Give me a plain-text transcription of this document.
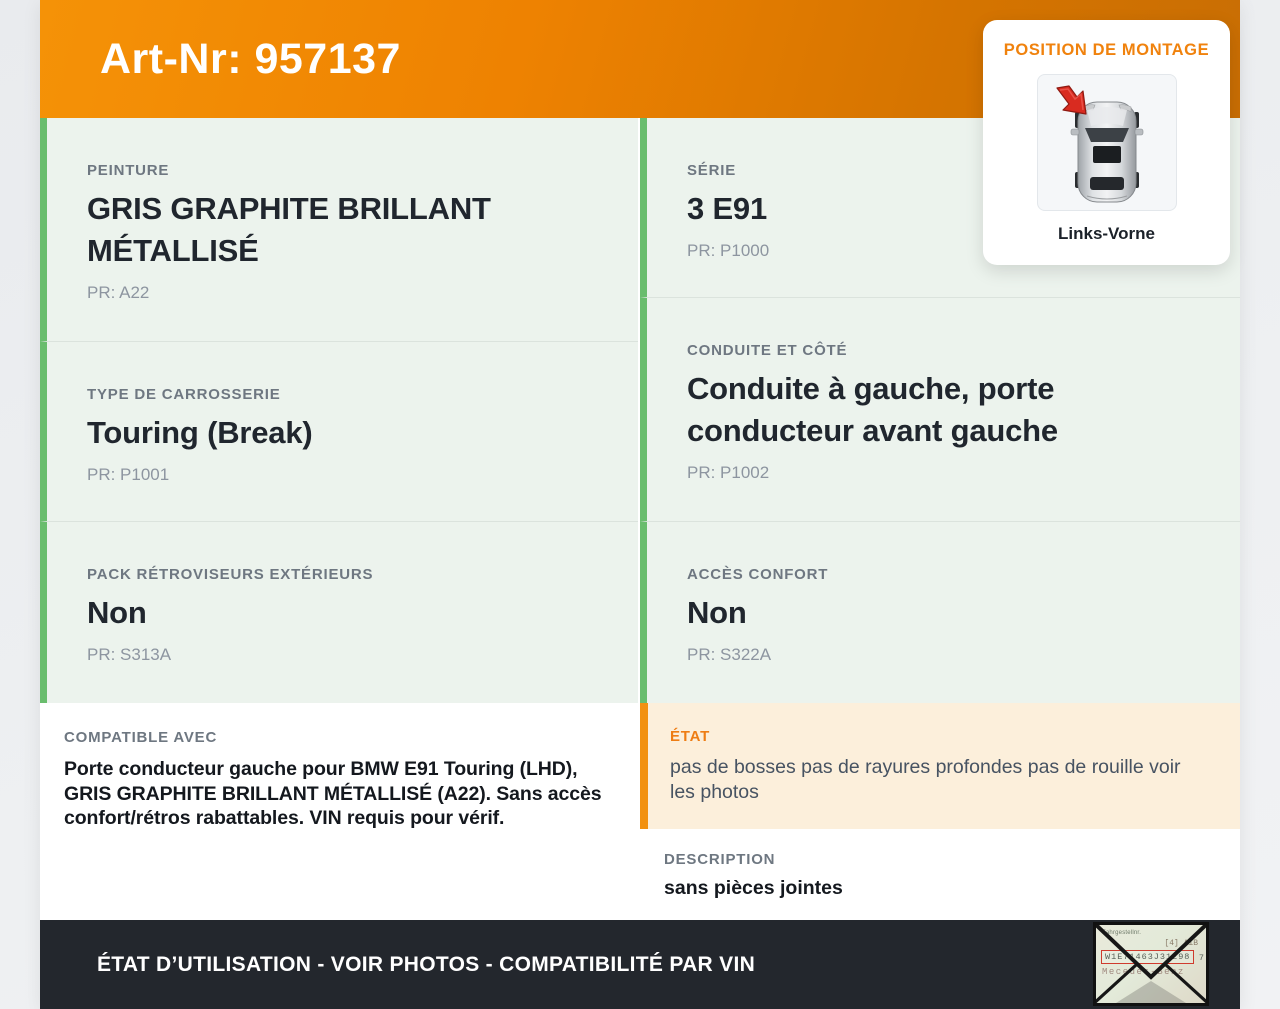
Art-Nr: 957137	POSITION DE MONTAGE
Links-Vorne
PEINTURE
GRIS GRAPHITE BRILLANT MÉTALLISÉ
PR: A22
TYPE DE CARROSSERIE
Touring (Break)
PR: P1001
PACK RÉTROVISEURS EXTÉRIEURS
Non
PR: S313A
SÉRIE
3 E91
PR: P1000
CONDUITE ET CÔTÉ
Conduite à gauche, porte conducteur avant gauche
PR: P1002
ACCÈS CONFORT
Non
PR: S322A
COMPATIBLE AVEC
Porte conducteur gauche pour BMW E91 Touring (LHD), GRIS GRAPHITE BRILLANT MÉTALLISÉ (A22). Sans accès confort/rétros rabattables. VIN requis pour vérif.
ÉTAT
pas de bosses pas de rayures profondes pas de rouille voir les photos
DESCRIPTION
sans pièces jointes
ÉTAT D’UTILISATION - VOIR PHOTOS - COMPATIBILITÉ PAR VIN
Fahrgestellnr.
[4] AiB
W1E71463J31298 7
Mecedes-Benz
